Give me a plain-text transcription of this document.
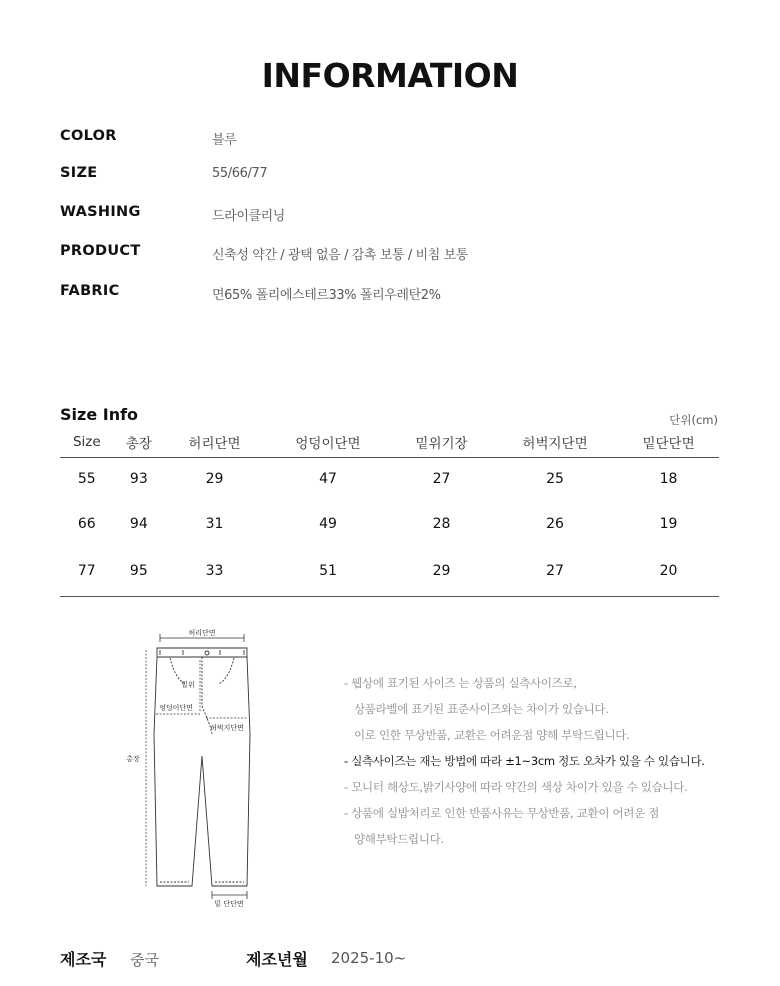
INFORMATION
COLOR	블루
SIZE	55/66/77
WASHING	드라이클리닝
PRODUCT	신축성 약간 / 광택 없음 / 감촉 보통 / 비침 보통
FABRIC	면65% 폴리에스테르33% 폴리우레탄2%
Size Info	단위(cm)
Size	총장	허리단면	엉덩이단면	밑위기장	허벅지단면	밑단단면
55	93	29	47	27	25	18
66	94	31	49	28	26	19
77	95	33	51	29	27	20
허리단면
밑위
엉덩이단면
허벅지단면
총장
밑 단단면
- 웹상에 표기된 사이즈 는 상품의 실측사이즈로,
상품라벨에 표기된 표준사이즈와는 차이가 있습니다.
이로 인한 무상반품, 교환은 어려운점 양해 부탁드립니다.
- 실측사이즈는 재는 방법에 따라 ±1~3cm 정도 오차가 있을 수 있습니다.
- 모니터 해상도,밝기사양에 따라 약간의 색상 차이가 있을 수 있습니다.
- 상품에 실밥처리로 인한 반품사유는 무상반품, 교환이 어려운 점
양해부탁드립니다.
제조국 중국	제조년월 2025-10~
